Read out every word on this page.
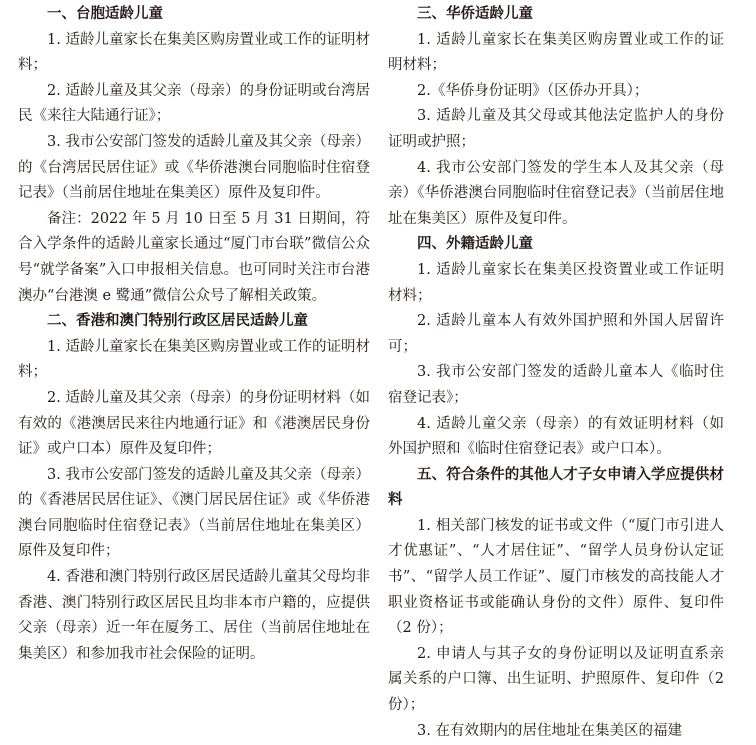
一、台胞适龄儿童

1. 适龄儿童家长在集美区购房置业或工作的证明材料；

2. 适龄儿童及其父亲（母亲）的身份证明或台湾居民《来往大陆通行证》；

3. 我市公安部门签发的适龄儿童及其父亲（母亲）的《台湾居民居住证》或《华侨港澳台同胞临时住宿登记表》（当前居住地址在集美区）原件及复印件。

备注：2022 年 5 月 10 日至 5 月 31 日期间，符合入学条件的适龄儿童家长通过“厦门市台联”微信公众号“就学备案”入口申报相关信息。也可同时关注市台港澳办“台港澳 e 鹭通”微信公众号了解相关政策。

二、香港和澳门特别行政区居民适龄儿童

1. 适龄儿童家长在集美区购房置业或工作的证明材料；

2. 适龄儿童及其父亲（母亲）的身份证明材料（如有效的《港澳居民来往内地通行证》和《港澳居民身份证》或户口本）原件及复印件；

3. 我市公安部门签发的适龄儿童及其父亲（母亲）的《香港居民居住证》、《澳门居民居住证》或《华侨港澳台同胞临时住宿登记表》（当前居住地址在集美区）原件及复印件；

4. 香港和澳门特别行政区居民适龄儿童其父母均非香港、澳门特别行政区居民且均非本市户籍的，应提供父亲（母亲）近一年在厦务工、居住（当前居住地址在集美区）和参加我市社会保险的证明。

三、华侨适龄儿童

1. 适龄儿童家长在集美区购房置业或工作的证明材料；

2.《华侨身份证明》（区侨办开具）；

3. 适龄儿童及其父母或其他法定监护人的身份证明或护照；

4. 我市公安部门签发的学生本人及其父亲（母亲）《华侨港澳台同胞临时住宿登记表》（当前居住地址在集美区）原件及复印件。

四、外籍适龄儿童

1. 适龄儿童家长在集美区投资置业或工作证明材料；

2. 适龄儿童本人有效外国护照和外国人居留许可；

3. 我市公安部门签发的适龄儿童本人《临时住宿登记表》；

4. 适龄儿童父亲（母亲）的有效证明材料（如外国护照和《临时住宿登记表》或户口本）。

五、符合条件的其他人才子女申请入学应提供材料

1. 相关部门核发的证书或文件（“厦门市引进人才优惠证”、“人才居住证”、“留学人员身份认定证书”、“留学人员工作证”、厦门市核发的高技能人才职业资格证书或能确认身份的文件）原件、复印件（2 份）；

2. 申请人与其子女的身份证明以及证明直系亲属关系的户口簿、出生证明、护照原件、复印件（2 份）；

3. 在有效期内的居住地址在集美区的福建
